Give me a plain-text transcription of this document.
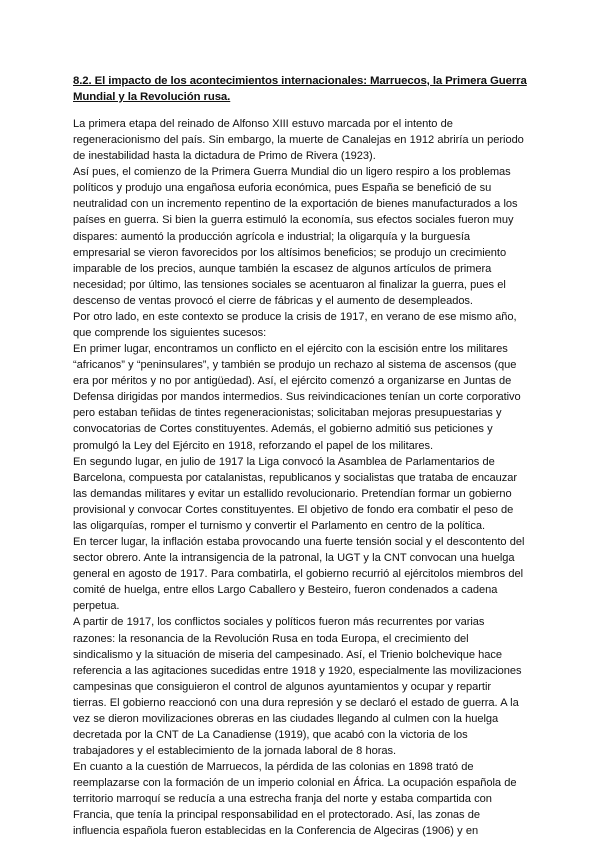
8.2. El impacto de los acontecimientos internacionales: Marruecos, la Primera Guerra
Mundial y la Revolución rusa.
La primera etapa del reinado de Alfonso XIII estuvo marcada por el intento de
regeneracionismo del país. Sin embargo, la muerte de Canalejas en 1912 abriría un periodo
de inestabilidad hasta la dictadura de Primo de Rivera (1923).
Así pues, el comienzo de la Primera Guerra Mundial dio un ligero respiro a los problemas
políticos y produjo una engañosa euforia económica, pues España se benefició de su
neutralidad con un incremento repentino de la exportación de bienes manufacturados a los
países en guerra. Si bien la guerra estimuló la economía, sus efectos sociales fueron muy
dispares: aumentó la producción agrícola e industrial; la oligarquía y la burguesía
empresarial se vieron favorecidos por los altísimos beneficios; se produjo un crecimiento
imparable de los precios, aunque también la escasez de algunos artículos de primera
necesidad; por último, las tensiones sociales se acentuaron al finalizar la guerra, pues el
descenso de ventas provocó el cierre de fábricas y el aumento de desempleados.
Por otro lado, en este contexto se produce la crisis de 1917, en verano de ese mismo año,
que comprende los siguientes sucesos:
En primer lugar, encontramos un conflicto en el ejército con la escisión entre los militares
“africanos” y “peninsulares”, y también se produjo un rechazo al sistema de ascensos (que
era por méritos y no por antigüedad). Así, el ejército comenzó a organizarse en Juntas de
Defensa dirigidas por mandos intermedios. Sus reivindicaciones tenían un corte corporativo
pero estaban teñidas de tintes regeneracionistas; solicitaban mejoras presupuestarias y
convocatorias de Cortes constituyentes. Además, el gobierno admitió sus peticiones y
promulgó la Ley del Ejército en 1918, reforzando el papel de los militares.
En segundo lugar, en julio de 1917 la Liga convocó la Asamblea de Parlamentarios de
Barcelona, compuesta por catalanistas, republicanos y socialistas que trataba de encauzar
las demandas militares y evitar un estallido revolucionario. Pretendían formar un gobierno
provisional y convocar Cortes constituyentes. El objetivo de fondo era combatir el peso de
las oligarquías, romper el turnismo y convertir el Parlamento en centro de la política.
En tercer lugar, la inflación estaba provocando una fuerte tensión social y el descontento del
sector obrero. Ante la intransigencia de la patronal, la UGT y la CNT convocan una huelga
general en agosto de 1917. Para combatirla, el gobierno recurrió al ejércitolos miembros del
comité de huelga, entre ellos Largo Caballero y Besteiro, fueron condenados a cadena
perpetua.
A partir de 1917, los conflictos sociales y políticos fueron más recurrentes por varias
razones: la resonancia de la Revolución Rusa en toda Europa, el crecimiento del
sindicalismo y la situación de miseria del campesinado. Así, el Trienio bolchevique hace
referencia a las agitaciones sucedidas entre 1918 y 1920, especialmente las movilizaciones
campesinas que consiguieron el control de algunos ayuntamientos y ocupar y repartir
tierras. El gobierno reaccionó con una dura represión y se declaró el estado de guerra. A la
vez se dieron movilizaciones obreras en las ciudades llegando al culmen con la huelga
decretada por la CNT de La Canadiense (1919), que acabó con la victoria de los
trabajadores y el establecimiento de la jornada laboral de 8 horas.
En cuanto a la cuestión de Marruecos, la pérdida de las colonias en 1898 trató de
reemplazarse con la formación de un imperio colonial en África. La ocupación española de
territorio marroquí se reducía a una estrecha franja del norte y estaba compartida con
Francia, que tenía la principal responsabilidad en el protectorado. Así, las zonas de
influencia española fueron establecidas en la Conferencia de Algeciras (1906) y en
